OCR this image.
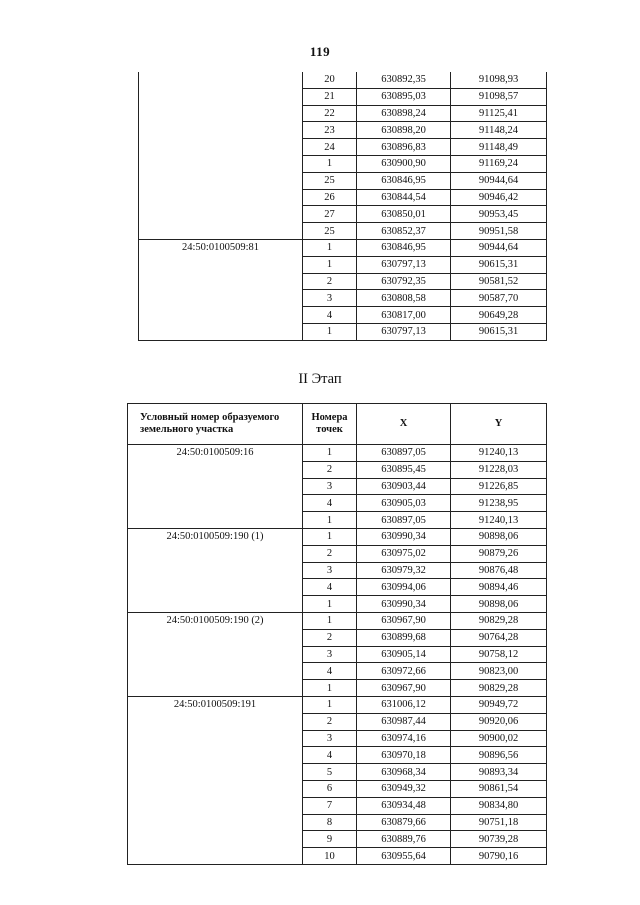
119
	20	630892,35	91098,93
	21	630895,03	91098,57
	22	630898,24	91125,41
	23	630898,20	91148,24
	24	630896,83	91148,49
	1	630900,90	91169,24
	25	630846,95	90944,64
	26	630844,54	90946,42
	27	630850,01	90953,45
	25	630852,37	90951,58
24:50:0100509:81	1	630846,95	90944,64
	1	630797,13	90615,31
	2	630792,35	90581,52
	3	630808,58	90587,70
	4	630817,00	90649,28
	1	630797,13	90615,31
II Этап
Условный номер образуемого земельного участка	Номера точек	X	Y
24:50:0100509:16	1	630897,05	91240,13
	2	630895,45	91228,03
	3	630903,44	91226,85
	4	630905,03	91238,95
	1	630897,05	91240,13
24:50:0100509:190 (1)	1	630990,34	90898,06
	2	630975,02	90879,26
	3	630979,32	90876,48
	4	630994,06	90894,46
	1	630990,34	90898,06
24:50:0100509:190 (2)	1	630967,90	90829,28
	2	630899,68	90764,28
	3	630905,14	90758,12
	4	630972,66	90823,00
	1	630967,90	90829,28
24:50:0100509:191	1	631006,12	90949,72
	2	630987,44	90920,06
	3	630974,16	90900,02
	4	630970,18	90896,56
	5	630968,34	90893,34
	6	630949,32	90861,54
	7	630934,48	90834,80
	8	630879,66	90751,18
	9	630889,76	90739,28
	10	630955,64	90790,16
